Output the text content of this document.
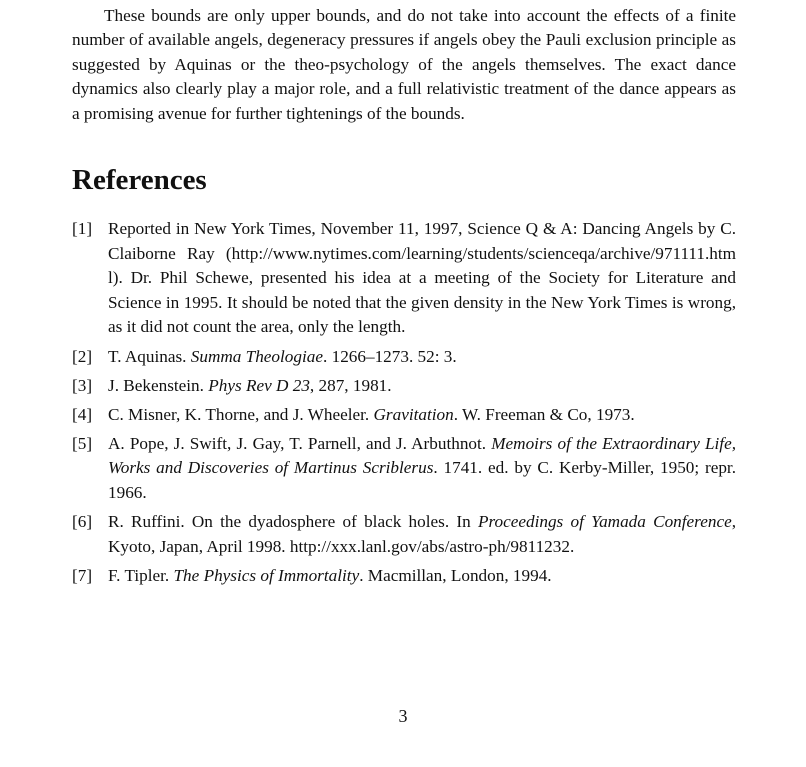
These bounds are only upper bounds, and do not take into account the effects of a finite number of available angels, degeneracy pressures if angels obey the Pauli exclusion principle as suggested by Aquinas or the theo-psychology of the angels themselves. The exact dance dynamics also clearly play a major role, and a full relativistic treatment of the dance appears as a promising avenue for further tightenings of the bounds.

References
[ 1 ]	Reported in New York Times, November 11, 1997, Science Q & A: Dancing Angels by C. Claiborne Ray (http://www.nytimes.com/learning/students/scienceqa/archive/971111.html). Dr. Phil Schewe, presented his idea at a meeting of the Society for Literature and Science in 1995. It should be noted that the given density in the New York Times is wrong, as it did not count the area, only the length.
[ 2 ]	T. Aquinas. Summa Theologiae. 1266–1273. 52: 3.
[ 3 ]	J. Bekenstein. Phys Rev D 23, 287, 1981.
[ 4 ]	C. Misner, K. Thorne, and J. Wheeler. Gravitation. W. Freeman & Co, 1973.
[ 5 ]	A. Pope, J. Swift, J. Gay, T. Parnell, and J. Arbuthnot. Memoirs of the Extraordinary Life, Works and Discoveries of Martinus Scriblerus. 1741. ed. by C. Kerby-Miller, 1950; repr. 1966.
[ 6 ]	R. Ruffini. On the dyadosphere of black holes. In Proceedings of Yamada Conference, Kyoto, Japan, April 1998. http://xxx.lanl.gov/abs/astro-ph/9811232.
[ 7 ]	F. Tipler. The Physics of Immortality. Macmillan, London, 1994.
3
